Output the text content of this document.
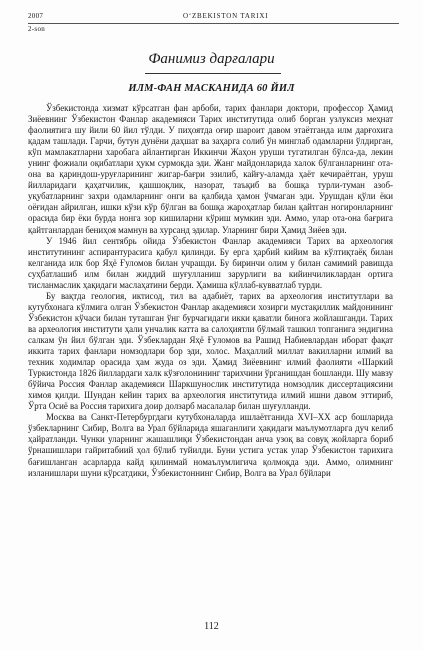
2007	O‘ZBEKISTON TARIXI
2-son
Фанимиз дарғалари
ИЛМ-ФАН МАСКАНИДА 60 ЙИЛ

Ўзбекистонда хизмат кўрсатган фан арбоби, тарих фанлари доктори, профессор Ҳамид Зиёевнинг Ўзбекистон Фанлар академияси Тарих институтида олиб борган узлуксиз меҳнат фаолиятига шу йили 60 йил тўлди. У пиҳоятда оғир шароит давом этаётганда илм дарғохига қадам ташлади. Гарчи, бутун дунёни даҳшат ва заҳарга солиб ўн минглаб одамларни ўлдирган, кўп мамлакатларни харобага айлантирган Иккинчи Жаҳон уруши тугатилган бўлса-да, лекин унинг фожиали оқибатлари ҳукм сурмоқда эди. Жанг майдонларида халок бўлганларнинг ота-она ва қариндош-уруғларининг жигар-бағри эзилиб, кайғу-аламда ҳаёт кечираётган, уруш йилларидаги қаҳатчилик, қашшоқлик, назорат, таъқиб ва бошқа турли-туман азоб-уқубатларнинг захри одамларнинг онги ва қалбида ҳамон ўчмаган эди. Урушдан қўли ёки оёғидан айрилган, ишки кўзи кўр бўлган ва бошқа жароҳатлар билан қайтган ногиронларнинг орасида бир ёки бурда нонга зор кишиларни кўриш мумкин эди. Аммо, улар ота-она бағрига қайтганлардан бениҳоя мамнун ва хурсанд эдилар. Уларнинг бири Ҳамид Зиёев эди.

У 1946 йил сентябрь ойида Ўзбекистон Фанлар академияси Тарих ва археология институтининг аспирантурасига қабул қилинди. Бу ерга ҳарбий кийим ва кўлтиқтаёқ билан келганида илк бор Яҳё Ғуломов билан учрашди. Бу биринчи олим у билан самимий равишда суҳбатлашиб илм билан жиддий шуғулланиш зарурлиги ва кийинчиликлардан ортига тисланмаслик ҳақидаги маслаҳатини берди. Ҳамиша кўллаб-кувватлаб турди.

Бу вақтда геология, иктисод, тил ва адабиёт, тарих ва археология институтлари ва кутубхонага кўлмига олган Ўзбекистон Фанлар академияси хозирги мустақиллик майдонининг Ўзбекистон кўчаси билан туташган ўнг бурчагидаги икки қаватли бинога жойлашганди. Тарих ва археология институти ҳали унчалик катта ва салоҳиятли бўлмай ташкил топганига эндигина салкам ўн йил бўлган эди. Ўзбеклардан Яҳё Ғуломов ва Рашид Набиевлардан иборат фақат иккита тарих фанлари номзодлари бор эди, холос. Маҳаллий миллат вакилларни илмий ва техник ходимлар орасида ҳам жуда оз эди. Ҳамид Зиёевнинг илмий фаолияти «Шаркий Туркистонда 1826 йиллардаги халк кўзғолонининг тарихчини ўрганишдан бошланди. Шу мавзу бўйича Россия Фанлар академияси Шаркшунослик институтида номзодлик диссертациясини химоя қилди. Шундан кейин тарих ва археология институтида илмий ишни давом эттириб, Ўрта Осиё ва Россия тарихига доир долзарб масалалар билан шуғулланди.

Москва ва Санкт-Петербургдаги кутубхоналарда ишлаётганида XVI–XX аср бошларида ўзбекларнинг Сибир, Волга ва Урал бўйларида яшаганлиги ҳақидаги маълумотларга дуч келиб ҳайратланди. Чунки уларнинг жашашлиқи Ўзбекистондан анча узоқ ва совуқ жойларга бориб ўрнашишлари гайритабиий ҳол бўлиб туйилди. Буни устига устак улар Ўзбекистон тарихига бағишланган асарларда кайд қилинмай номаълумлигича қолмоқда эди. Аммо, олимнинг изланишлари шуни кўрсатдики, Ўзбекистоннинг Сибир, Волга ва Урал бўйлари

112
